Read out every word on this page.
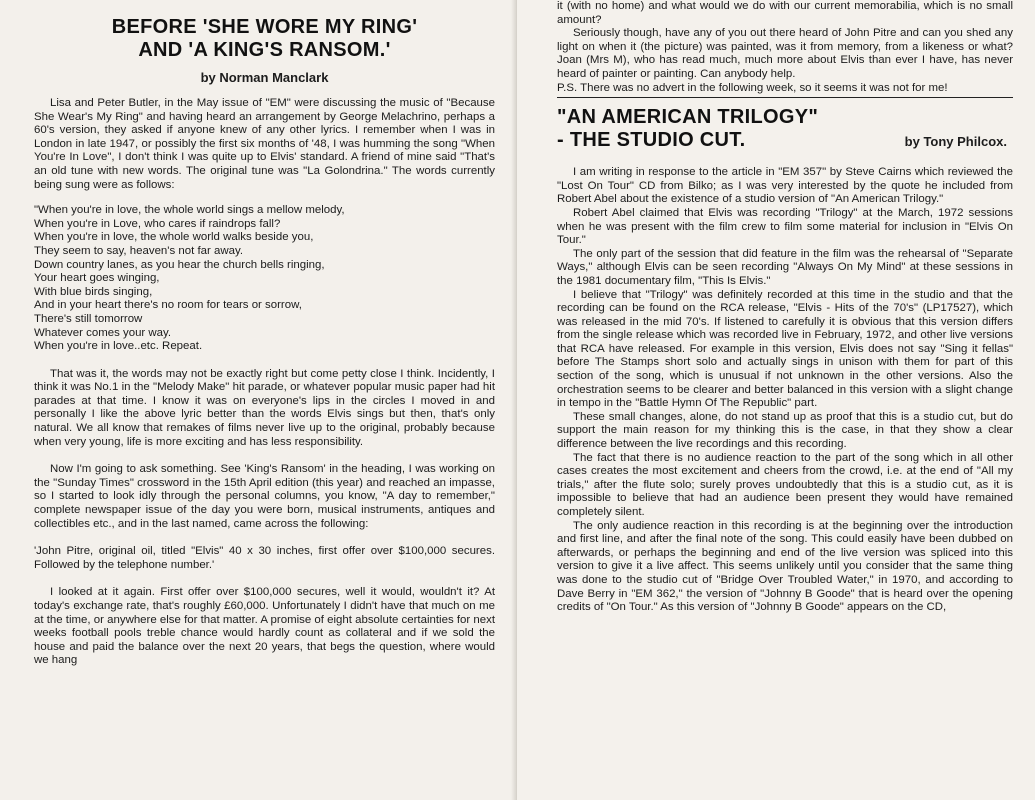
BEFORE 'SHE WORE MY RING'
AND 'A KING'S RANSOM.'
by Norman Manclark

Lisa and Peter Butler, in the May issue of "EM" were discussing the music of "Because She Wear's My Ring" and having heard an arrangement by George Melachrino, perhaps a 60's version, they asked if anyone knew of any other lyrics. I remember when I was in London in late 1947, or possibly the first six months of '48, I was humming the song "When You're In Love", I don't think I was quite up to Elvis' standard. A friend of mine said "That's an old tune with new words. The original tune was "La Golondrina." The words currently being sung were as follows:

"When you're in love, the whole world sings a mellow melody,
When you're in Love, who cares if raindrops fall?
When you're in love, the whole world walks beside you,
They seem to say, heaven's not far away.
Down country lanes, as you hear the church bells ringing,
Your heart goes winging,
With blue birds singing,
And in your heart there's no room for tears or sorrow,
There's still tomorrow
Whatever comes your way.
When you're in love..etc. Repeat.

That was it, the words may not be exactly right but come petty close I think. Incidently, I think it was No.1 in the "Melody Make" hit parade, or whatever popular music paper had hit parades at that time. I know it was on everyone's lips in the circles I moved in and personally I like the above lyric better than the words Elvis sings but then, that's only natural. We all know that remakes of films never live up to the original, probably because when very young, life is more exciting and has less responsibility.

Now I'm going to ask something. See 'King's Ransom' in the heading, I was working on the "Sunday Times" crossword in the 15th April edition (this year) and reached an impasse, so I started to look idly through the personal columns, you know, "A day to remember," complete newspaper issue of the day you were born, musical instruments, antiques and collectibles etc., and in the last named, came across the following:

'John Pitre, original oil, titled "Elvis" 40 x 30 inches, first offer over $100,000 secures. Followed by the telephone number.'

I looked at it again. First offer over $100,000 secures, well it would, wouldn't it? At today's exchange rate, that's roughly £60,000. Unfortunately I didn't have that much on me at the time, or anywhere else for that matter. A promise of eight absolute certainties for next weeks football pools treble chance would hardly count as collateral and if we sold the house and paid the balance over the next 20 years, that begs the question, where would we hang

it (with no home) and what would we do with our current memorabilia, which is no small amount?

Seriously though, have any of you out there heard of John Pitre and can you shed any light on when it (the picture) was painted, was it from memory, from a likeness or what? Joan (Mrs M), who has read much, much more about Elvis than ever I have, has never heard of painter or painting. Can anybody help.

P.S. There was no advert in the following week, so it seems it was not for me!

"AN AMERICAN TRILOGY"
- THE STUDIO CUT.	by Tony Philcox.

I am writing in response to the article in "EM 357" by Steve Cairns which reviewed the "Lost On Tour" CD from Bilko; as I was very interested by the quote he included from Robert Abel about the existence of a studio version of "An American Trilogy."

Robert Abel claimed that Elvis was recording "Trilogy" at the March, 1972 sessions when he was present with the film crew to film some material for inclusion in "Elvis On Tour."

The only part of the session that did feature in the film was the rehearsal of "Separate Ways," although Elvis can be seen recording "Always On My Mind" at these sessions in the 1981 documentary film, "This Is Elvis."

I believe that "Trilogy" was definitely recorded at this time in the studio and that the recording can be found on the RCA release, "Elvis - Hits of the 70's" (LP17527), which was released in the mid 70's. If listened to carefully it is obvious that this version differs from the single release which was recorded live in February, 1972, and other live versions that RCA have released. For example in this version, Elvis does not say "Sing it fellas" before The Stamps short solo and actually sings in unison with them for part of this section of the song, which is unusual if not unknown in the other versions. Also the orchestration seems to be clearer and better balanced in this version with a slight change in tempo in the "Battle Hymn Of The Republic" part.

These small changes, alone, do not stand up as proof that this is a studio cut, but do support the main reason for my thinking this is the case, in that they show a clear difference between the live recordings and this recording.

The fact that there is no audience reaction to the part of the song which in all other cases creates the most excitement and cheers from the crowd, i.e. at the end of "All my trials," after the flute solo; surely proves undoubtedly that this is a studio cut, as it is impossible to believe that had an audience been present they would have remained completely silent.

The only audience reaction in this recording is at the beginning over the introduction and first line, and after the final note of the song. This could easily have been dubbed on afterwards, or perhaps the beginning and end of the live version was spliced into this version to give it a live affect. This seems unlikely until you consider that the same thing was done to the studio cut of "Bridge Over Troubled Water," in 1970, and according to Dave Berry in "EM 362," the version of "Johnny B Goode" that is heard over the opening credits of "On Tour." As this version of "Johnny B Goode" appears on the CD,
